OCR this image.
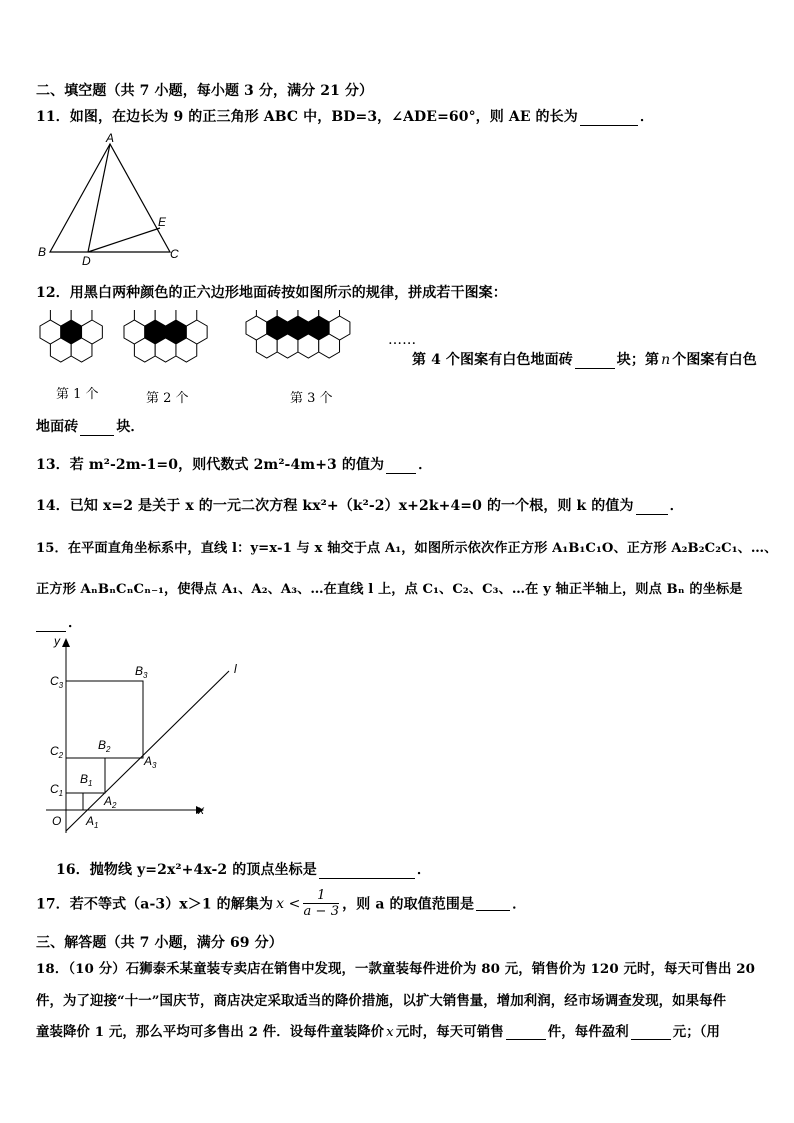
二、填空题（共 7 小题，每小题 3 分，满分 21 分）
11．如图，在边长为 9 的正三角形 ABC 中，BD=3，∠ADE=60°，则 AE 的长为	．
A
B	C
D
E
12．用黑白两种颜色的正六边形地面砖按如图所示的规律，拼成若干图案：
第 1 个	第 2 个	第 3 个
……
第 4 个图案有白色地面砖	块；第 n 个图案有白色
地面砖	块．
13．若 m²-2m-1=0，则代数式 2m²-4m+3 的值为 ．
14．已知 x=2 是关于 x 的一元二次方程 kx²+（k²-2）x+2k+4=0 的一个根，则 k 的值为	．
15．在平面直角坐标系中，直线 l：y=x-1 与 x 轴交于点 A₁，如图所示依次作正方形 A₁B₁C₁O、正方形 A₂B₂C₂C₁、…、
正方形 AₙBₙCₙCₙ₋₁，使得点 A₁、A₂、A₃、…在直线 l 上，点 C₁、C₂、C₃、…在 y 轴正半轴上，则点 Bₙ 的坐标是
．
y
x
O
l
$C_3$
$C_2$
$C_1$
$B_3$
$B_2$
$B_1$
$A_3$
$A_2$
$A_1$
16．抛物线 y=2x²+4x-2 的顶点坐标是	．
17．若不等式（a-3）x＞1 的解集为 $x < \frac{1}{a - 3}$ ，则 a 的取值范围是	．
三、解答题（共 7 小题，满分 69 分）
18．（10 分）石狮泰禾某童装专卖店在销售中发现，一款童装每件进价为 80 元，销售价为 120 元时，每天可售出 20
件，为了迎接“十一”国庆节，商店决定采取适当的降价措施，以扩大销售量，增加利润，经市场调查发现，如果每件
童装降价 1 元，那么平均可多售出 2 件．设每件童装降价 x 元时，每天可销售	件，每件盈利	元；（用
